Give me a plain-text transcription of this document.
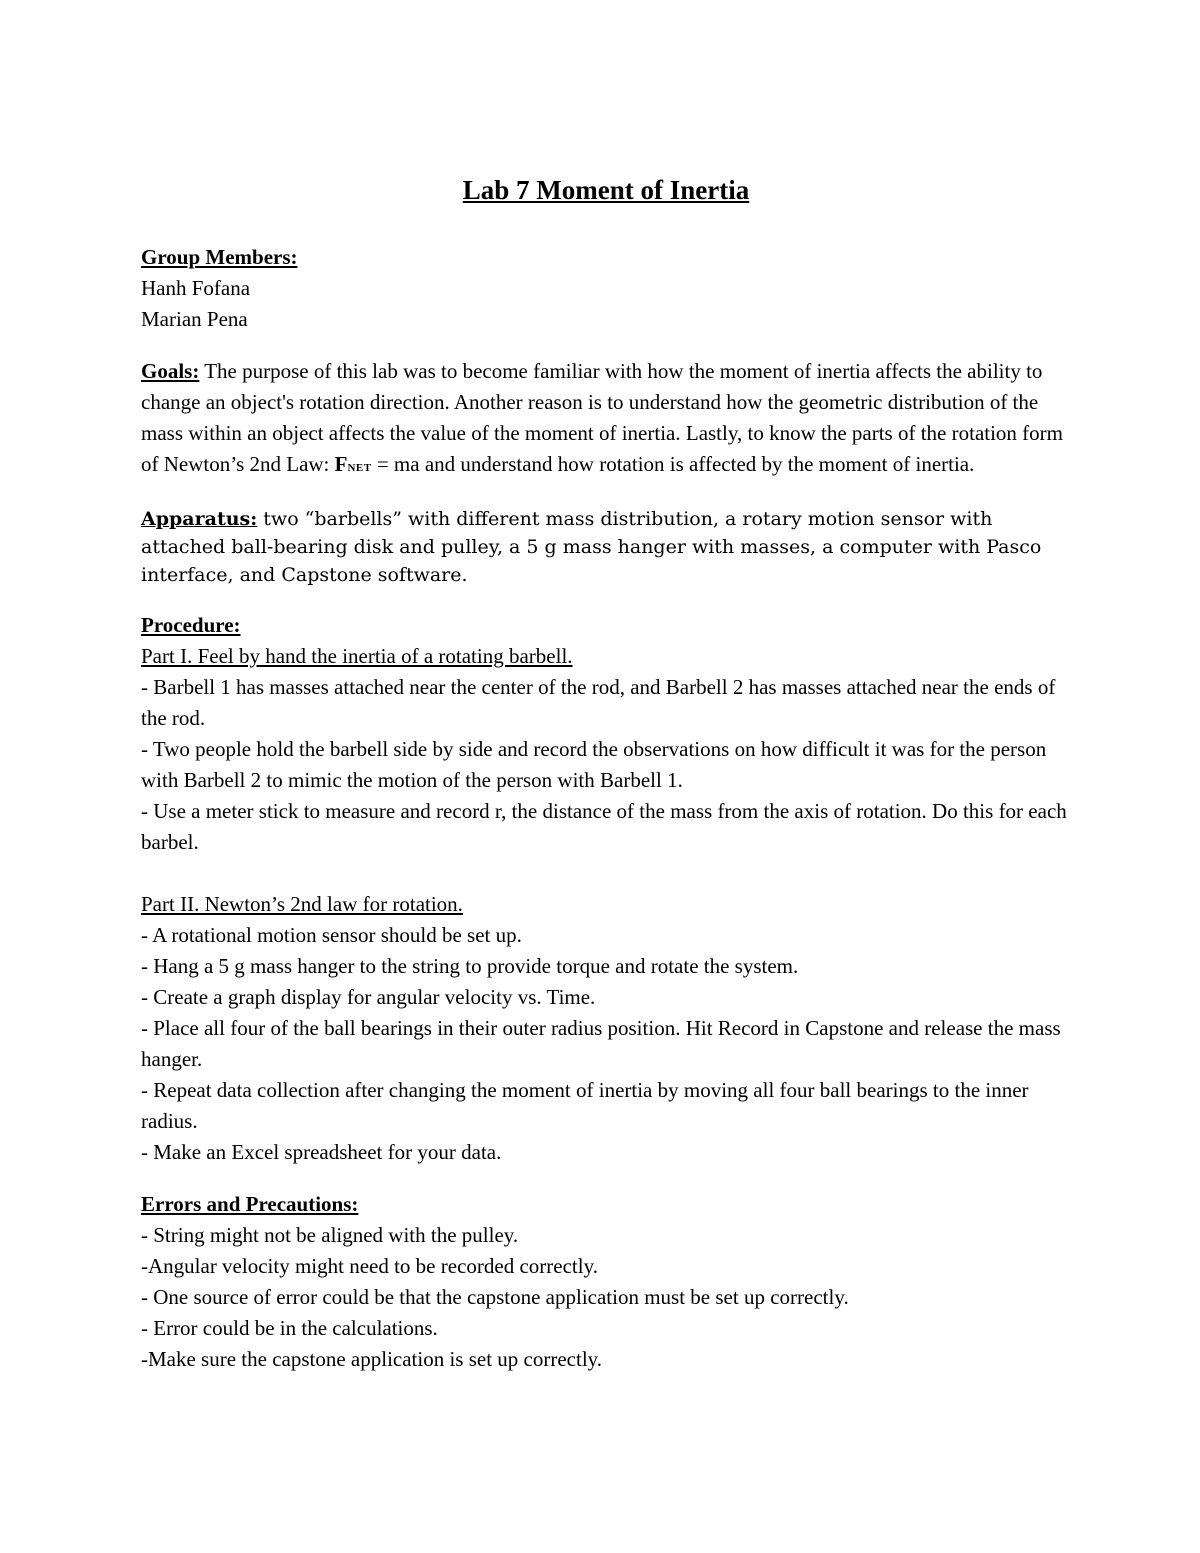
Lab 7 Moment of Inertia
Group Members:
Hanh Fofana
Marian Pena

Goals: The purpose of this lab was to become familiar with how the moment of inertia affects the ability to change an object's rotation direction. Another reason is to understand how the geometric distribution of the mass within an object affects the value of the moment of inertia. Lastly, to know the parts of the rotation form of Newton’s 2nd Law: FNET = ma and understand how rotation is affected by the moment of inertia.

Apparatus: two “barbells” with different mass distribution, a rotary motion sensor with attached ball-bearing disk and pulley, a 5 g mass hanger with masses, a computer with Pasco interface, and Capstone software.

Procedure:
Part I. Feel by hand the inertia of a rotating barbell.
- Barbell 1 has masses attached near the center of the rod, and Barbell 2 has masses attached near the ends of the rod.
- Two people hold the barbell side by side and record the observations on how difficult it was for the person with Barbell 2 to mimic the motion of the person with Barbell 1.
- Use a meter stick to measure and record r, the distance of the mass from the axis of rotation. Do this for each barbel.
Part II. Newton’s 2nd law for rotation.
- A rotational motion sensor should be set up.
- Hang a 5 g mass hanger to the string to provide torque and rotate the system.
- Create a graph display for angular velocity vs. Time.
- Place all four of the ball bearings in their outer radius position. Hit Record in Capstone and release the mass hanger.
- Repeat data collection after changing the moment of inertia by moving all four ball bearings to the inner radius.
- Make an Excel spreadsheet for your data.
Errors and Precautions:
- String might not be aligned with the pulley.
-Angular velocity might need to be recorded correctly.
- One source of error could be that the capstone application must be set up correctly.
- Error could be in the calculations.
-Make sure the capstone application is set up correctly.
